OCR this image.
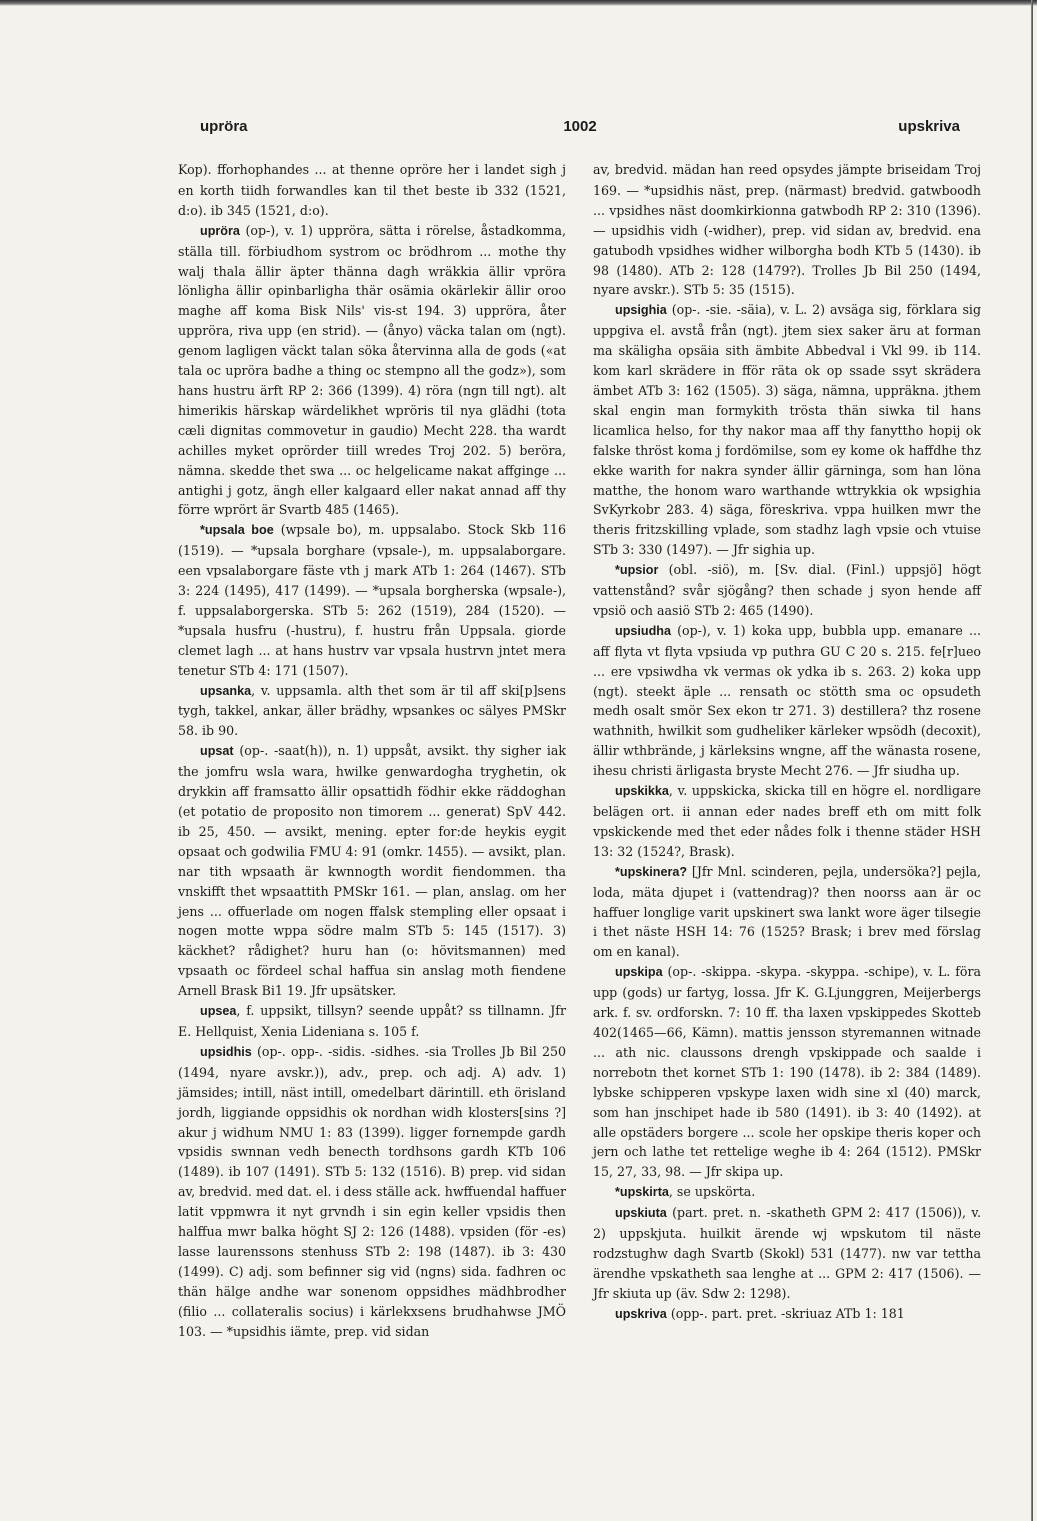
upröra	1002	upskriva

Kop). fforhophandes ... at thenne opröre her i landet sigh j en korth tiidh forwandles kan til thet beste ib 332 (1521, d:o). ib 345 (1521, d:o).

upröra (op-), v. 1) uppröra, sätta i rörelse, åstadkomma, ställa till. förbiudhom systrom oc brödhrom ... mothe thy walj thala ällir äpter thänna dagh wräkkia ällir vpröra lönligha ällir opinbarligha thär osämia okärlekir ällir oroo maghe aff koma Bisk Nils' vis-st 194. 3) uppröra, åter uppröra, riva upp (en strid). — (ånyo) väcka talan om (ngt). genom lagligen väckt talan söka återvinna alla de gods («at tala oc upröra badhe a thing oc stempno all the godz»), som hans hustru ärft RP 2: 366 (1399). 4) röra (ngn till ngt). alt himerikis härskap wärdelikhet wpröris til nya glädhi (tota cæli dignitas commovetur in gaudio) Mecht 228. tha wardt achilles myket oprörder tiill wredes Troj 202. 5) beröra, nämna. skedde thet swa ... oc helgelicame nakat affginge ... antighi j gotz, ängh eller kalgaard eller nakat annad aff thy förre wprört är Svartb 485 (1465).

*upsala boe (wpsale bo), m. uppsalabo. Stock Skb 116 (1519). — *upsala borghare (vpsale-), m. uppsalaborgare. een vpsalaborgare fäste vth j mark ATb 1: 264 (1467). STb 3: 224 (1495), 417 (1499). — *upsala borgherska (wpsale-), f. uppsalaborgerska. STb 5: 262 (1519), 284 (1520). — *upsala husfru (-hustru), f. hustru från Uppsala. giorde clemet lagh ... at hans hustrv var vpsala hustrvn jntet mera tenetur STb 4: 171 (1507).

upsanka, v. uppsamla. alth thet som är til aff ski[p]sens tygh, takkel, ankar, äller brädhy, wpsankes oc sälyes PMSkr 58. ib 90.

upsat (op-. -saat(h)), n. 1) uppsåt, avsikt. thy sigher iak the jomfru wsla wara, hwilke genwardogha tryghetin, ok drykkin aff framsatto ällir opsattidh födhir ekke räddoghan (et potatio de proposito non timorem ... generat) SpV 442. ib 25, 450. — avsikt, mening. epter for:de heykis eygit opsaat och godwilia FMU 4: 91 (omkr. 1455). — avsikt, plan. nar tith wpsaath är kwnnogth wordit fiendommen. tha vnskifft thet wpsaattith PMSkr 161. — plan, anslag. om her jens ... offuerlade om nogen ffalsk stempling eller opsaat i nogen motte wppa södre malm STb 5: 145 (1517). 3) käckhet? rådighet? huru han (o: hövitsmannen) med vpsaath oc fördeel schal haffua sin anslag moth fiendene Arnell Brask Bi1 19. Jfr upsätsker.

upsea, f. uppsikt, tillsyn? seende uppåt? ss tillnamn. Jfr E. Hellquist, Xenia Lideniana s. 105 f.

upsidhis (op-. opp-. -sidis. -sidhes. -sia Trolles Jb Bil 250 (1494, nyare avskr.)), adv., prep. och adj. A) adv. 1) jämsides; intill, näst intill, omedelbart därintill. eth örisland jordh, liggiande oppsidhis ok nordhan widh klosters[sins ?] akur j widhum NMU 1: 83 (1399). ligger fornempde gardh vpsidis swnnan vedh benecth tordhsons gardh KTb 106 (1489). ib 107 (1491). STb 5: 132 (1516). B) prep. vid sidan av, bredvid. med dat. el. i dess ställe ack. hwffuendal haffuer latit vppmwra it nyt grvndh i sin egin keller vpsidis then halffua mwr balka höght SJ 2: 126 (1488). vpsiden (för -es) lasse laurenssons stenhuss STb 2: 198 (1487). ib 3: 430 (1499). C) adj. som befinner sig vid (ngns) sida. fadhren oc thän hälge andhe war sonenom oppsidhes mädhbrodher (filio ... collateralis socius) i kärlekxsens brudhahwse JMÖ 103. — *upsidhis iämte, prep. vid sidan

av, bredvid. mädan han reed opsydes jämpte briseidam Troj 169. — *upsidhis näst, prep. (närmast) bredvid. gatwboodh ... vpsidhes näst doomkirkionna gatwbodh RP 2: 310 (1396). — upsidhis vidh (-widher), prep. vid sidan av, bredvid. ena gatubodh vpsidhes widher wilborgha bodh KTb 5 (1430). ib 98 (1480). ATb 2: 128 (1479?). Trolles Jb Bil 250 (1494, nyare avskr.). STb 5: 35 (1515).

upsighia (op-. -sie. -säia), v. L. 2) avsäga sig, förklara sig uppgiva el. avstå från (ngt). jtem siex saker äru at forman ma skäligha opsäia sith ämbite Abbedval i Vkl 99. ib 114. kom karl skrädere in fför räta ok op ssade ssyt skrädera ämbet ATb 3: 162 (1505). 3) säga, nämna, uppräkna. jthem skal engin man formykith trösta thän siwka til hans licamlica helso, for thy nakor maa aff thy fanyttho hopij ok falske thröst koma j fordömilse, som ey kome ok haffdhe thz ekke warith for nakra synder ällir gärninga, som han löna matthe, the honom waro warthande wttrykkia ok wpsighia SvKyrkobr 283. 4) säga, föreskriva. vppa huilken mwr the theris fritzskilling vplade, som stadhz lagh vpsie och vtuise STb 3: 330 (1497). — Jfr sighia up.

*upsior (obl. -siö), m. [Sv. dial. (Finl.) uppsjö] högt vattenstånd? svår sjögång? then schade j syon hende aff vpsiö och aasiö STb 2: 465 (1490).

upsiudha (op-), v. 1) koka upp, bubbla upp. emanare ... aff flyta vt flyta vpsiuda vp puthra GU C 20 s. 215. fe[r]ueo ... ere vpsiwdha vk vermas ok ydka ib s. 263. 2) koka upp (ngt). steekt äple ... rensath oc stötth sma oc opsudeth medh osalt smör Sex ekon tr 271. 3) destillera? thz rosene wathnith, hwilkit som gudheliker kärleker wpsödh (decoxit), ällir wthbrände, j kärleksins wngne, aff the wänasta rosene, ihesu christi ärligasta bryste Mecht 276. — Jfr siudha up.

upskikka, v. uppskicka, skicka till en högre el. nordligare belägen ort. ii annan eder nades breff eth om mitt folk vpskickende med thet eder nådes folk i thenne städer HSH 13: 32 (1524?, Brask).

*upskinera? [Jfr Mnl. scinderen, pejla, undersöka?] pejla, loda, mäta djupet i (vattendrag)? then noorss aan är oc haffuer longlige varit upskinert swa lankt wore äger tilsegie i thet näste HSH 14: 76 (1525? Brask; i brev med förslag om en kanal).

upskipa (op-. -skippa. -skypa. -skyppa. -schipe), v. L. föra upp (gods) ur fartyg, lossa. Jfr K. G.Ljunggren, Meijerbergs ark. f. sv. ordforskn. 7: 10 ff. tha laxen vpskippedes Skotteb 402(1465—66, Kämn). mattis jensson styremannen witnade ... ath nic. claussons drengh vpskippade och saalde i norrebotn thet kornet STb 1: 190 (1478). ib 2: 384 (1489). lybske schipperen vpskype laxen widh sine xl (40) marck, som han jnschipet hade ib 580 (1491). ib 3: 40 (1492). at alle opstäders borgere ... scole her opskipe theris koper och jern och lathe tet rettelige weghe ib 4: 264 (1512). PMSkr 15, 27, 33, 98. — Jfr skipa up.

*upskirta, se upskörta.

upskiuta (part. pret. n. -skatheth GPM 2: 417 (1506)), v. 2) uppskjuta. huilkit ärende wj wpskutom til näste rodzstughw dagh Svartb (Skokl) 531 (1477). nw var tettha ärendhe vpskatheth saa lenghe at ... GPM 2: 417 (1506). — Jfr skiuta up (äv. Sdw 2: 1298).

upskriva (opp-. part. pret. -skriuaz ATb 1: 181
